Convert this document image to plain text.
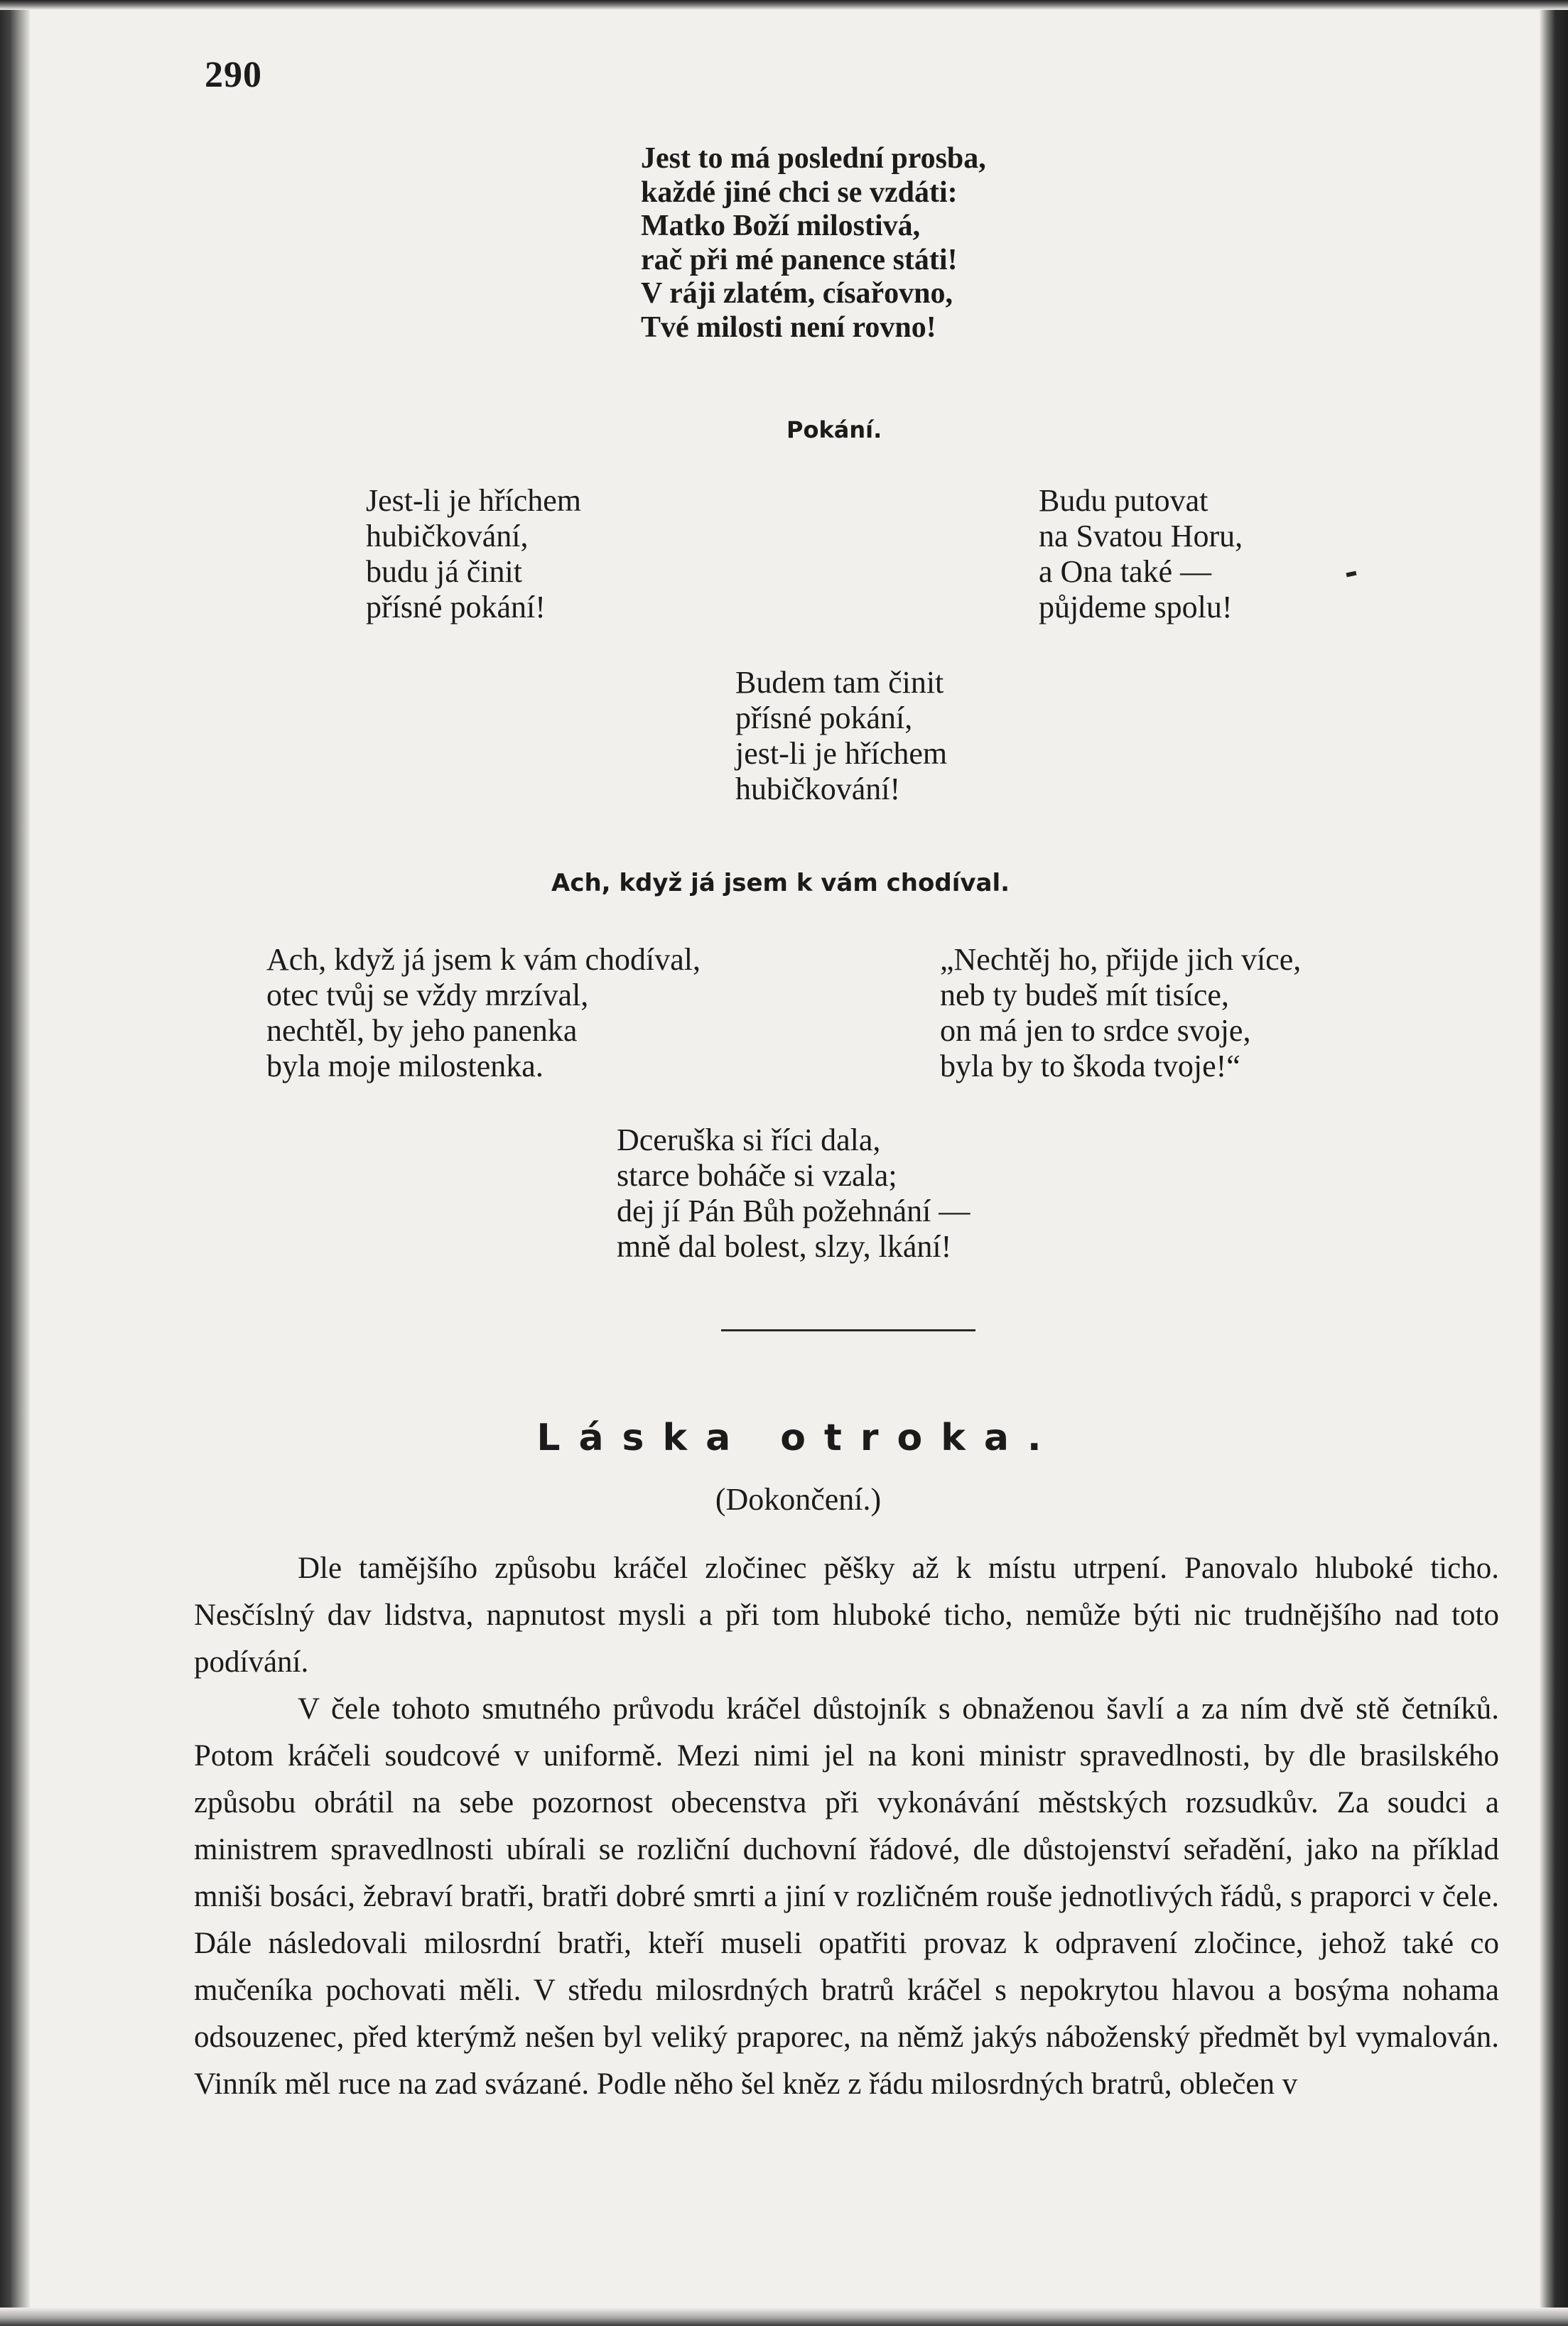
290
Jest to má poslední prosba,
každé jiné chci se vzdáti:
Matko Boží milostivá,
rač při mé panence státi!
V ráji zlatém, císařovno,
Tvé milosti není rovno!
Pokání.
Jest-li je hříchem
hubičkování,
budu já činit
přísné pokání!
Budu putovat
na Svatou Horu,
a Ona také —
půjdeme spolu!
Budem tam činit
přísné pokání,
jest-li je hříchem
hubičkování!
Ach, když já jsem k vám chodíval.
Ach, když já jsem k vám chodíval,
otec tvůj se vždy mrzíval,
nechtěl, by jeho panenka
byla moje milostenka.
„Nechtěj ho, přijde jich více,
neb ty budeš mít tisíce,
on má jen to srdce svoje,
byla by to škoda tvoje!“
Dceruška si říci dala,
starce boháče si vzala;
dej jí Pán Bůh požehnání —
mně dal bolest, slzy, lkání!
Láska otroka.
(Dokončení.)

Dle tamějšího způsobu kráčel zločinec pěšky až k místu utrpení. Panovalo hluboké ticho. Nesčíslný dav lidstva, napnutost mysli a při tom hluboké ticho, nemůže býti nic trudnějšího nad toto podívání.

V čele tohoto smutného průvodu kráčel důstojník s obnaženou šavlí a za ním dvě stě četníků. Potom kráčeli soudcové v uniformě. Mezi nimi jel na koni ministr spravedlnosti, by dle brasilského způsobu obrátil na sebe pozornost obecenstva při vykonávání městských rozsudkův. Za soudci a ministrem spravedlnosti ubírali se rozliční duchovní řádové, dle důstojenství seřadění, jako na příklad mniši bosáci, žebraví bratři, bratři dobré smrti a jiní v rozličném rouše jednotlivých řádů, s praporci v čele. Dále následovali milosrdní bratři, kteří museli opatřiti provaz k odpravení zločince, jehož také co mučeníka pochovati měli. V středu milosrdných bratrů kráčel s nepokrytou hlavou a bosýma nohama odsouzenec, před kterýmž nešen byl veliký praporec, na němž jakýs náboženský předmět byl vymalován. Vinník měl ruce na zad svázané. Podle něho šel kněz z řádu milosrdných bratrů, oblečen v
